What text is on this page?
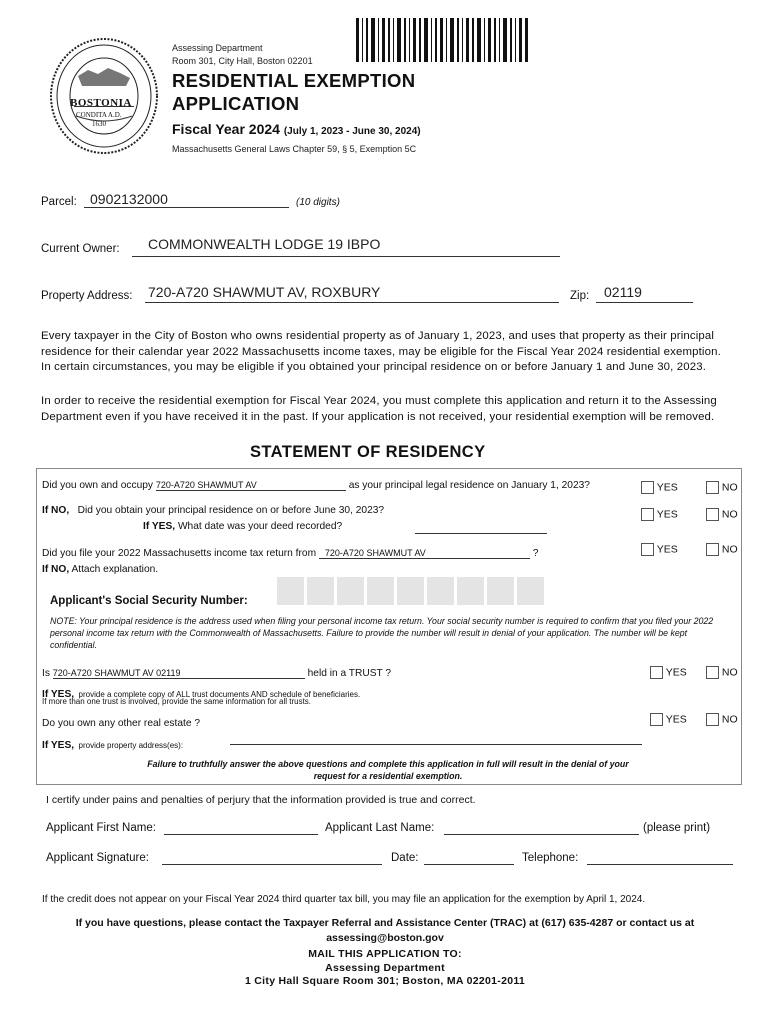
BOSTONIA
CONDITA A.D.
1630
Assessing Department
Room 301, City Hall, Boston 02201
RESIDENTIAL EXEMPTION
APPLICATION
Fiscal Year 2024 (July 1, 2023 - June 30, 2024)
Massachusetts General Laws Chapter 59, § 5, Exemption 5C
Parcel: 0902132000	(10 digits)
Current Owner:	COMMONWEALTH LODGE 19 IBPO
Property Address: 720-A720 SHAWMUT AV, ROXBURY	Zip:	02119
Every taxpayer in the City of Boston who owns residential property as of January 1, 2023, and uses that property as their principal residence for their calendar year 2022 Massachusetts income taxes, may be eligible for the Fiscal Year 2024 residential exemption. In certain circumstances, you may be eligible if you obtained your principal residence on or before January 1 and June 30, 2023.
In order to receive the residential exemption for Fiscal Year 2024, you must complete this application and return it to the Assessing Department even if you have received it in the past. If your application is not received, your residential exemption will be removed.
STATEMENT OF RESIDENCY
Did you own and occupy 720-A720 SHAWMUT AV	as your principal legal residence on January 1, 2023?	YES	NO
If NO, Did you obtain your principal residence on or before June 30, 2023?	YES	NO
If YES, What date was your deed recorded?
Did you file your 2022 Massachusetts income tax return from 720-A720 SHAWMUT AV	?	YES	NO
If NO, Attach explanation.
Applicant's Social Security Number:
NOTE: Your principal residence is the address used when filing your personal income tax return. Your social security number is required to confirm that you filed your 2022 personal income tax return with the Commonwealth of Massachusetts. Failure to provide the number will result in denial of your application. The number will be kept confidential.
Is 720-A720 SHAWMUT AV 02119	held in a TRUST ?	YES	NO
If YES, provide a complete copy of ALL trust documents AND schedule of beneficiaries.
If more than one trust is involved, provide the same information for all trusts.
Do you own any other real estate ?	YES	NO
If YES, provide property address(es):
Failure to truthfully answer the above questions and complete this application in full will result in the denial of your
request for a residential exemption.
I certify under pains and penalties of perjury that the information provided is true and correct.
Applicant First Name:	Applicant Last Name:	(please print)
Applicant Signature:	Date:	Telephone:
If the credit does not appear on your Fiscal Year 2024 third quarter tax bill, you may file an application for the exemption by April 1, 2024.
If you have questions, please contact the Taxpayer Referral and Assistance Center (TRAC) at (617) 635-4287 or contact us at
assessing@boston.gov
MAIL THIS APPLICATION TO:
Assessing Department
1 City Hall Square Room 301; Boston, MA 02201-2011
